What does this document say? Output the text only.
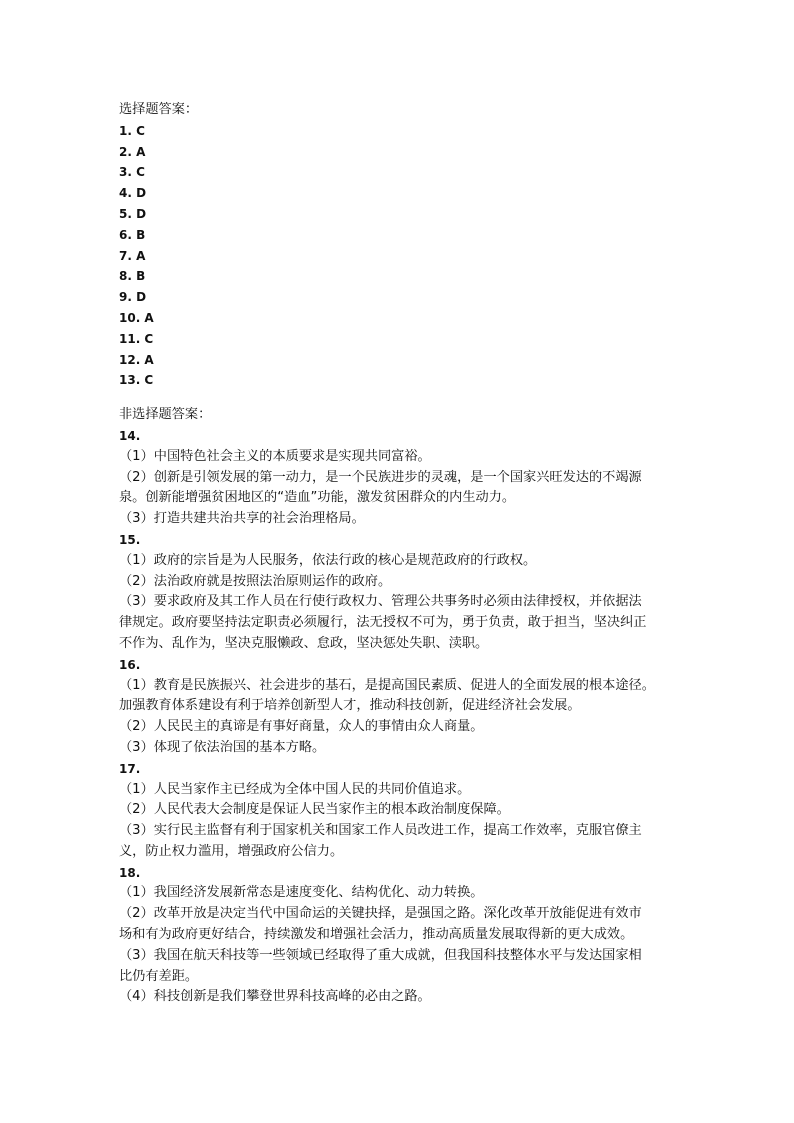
选择题答案：
1. C
2. A
3. C
4. D
5. D
6. B
7. A
8. B
9. D
10. A
11. C
12. A
13. C
非选择题答案：
14.
（1）中国特色社会主义的本质要求是实现共同富裕。
（2）创新是引领发展的第一动力，是一个民族进步的灵魂，是一个国家兴旺发达的不竭源
泉。创新能增强贫困地区的“造血”功能，激发贫困群众的内生动力。
（3）打造共建共治共享的社会治理格局。
15.
（1）政府的宗旨是为人民服务，依法行政的核心是规范政府的行政权。
（2）法治政府就是按照法治原则运作的政府。
（3）要求政府及其工作人员在行使行政权力、管理公共事务时必须由法律授权，并依据法
律规定。政府要坚持法定职责必须履行，法无授权不可为，勇于负责，敢于担当，坚决纠正
不作为、乱作为，坚决克服懒政、怠政，坚决惩处失职、渎职。
16.
（1）教育是民族振兴、社会进步的基石，是提高国民素质、促进人的全面发展的根本途径。
加强教育体系建设有利于培养创新型人才，推动科技创新，促进经济社会发展。
（2）人民民主的真谛是有事好商量，众人的事情由众人商量。
（3）体现了依法治国的基本方略。
17.
（1）人民当家作主已经成为全体中国人民的共同价值追求。
（2）人民代表大会制度是保证人民当家作主的根本政治制度保障。
（3）实行民主监督有利于国家机关和国家工作人员改进工作，提高工作效率，克服官僚主
义，防止权力滥用，增强政府公信力。
18.
（1）我国经济发展新常态是速度变化、结构优化、动力转换。
（2）改革开放是决定当代中国命运的关键抉择，是强国之路。深化改革开放能促进有效市
场和有为政府更好结合，持续激发和增强社会活力，推动高质量发展取得新的更大成效。
（3）我国在航天科技等一些领域已经取得了重大成就，但我国科技整体水平与发达国家相
比仍有差距。
（4）科技创新是我们攀登世界科技高峰的必由之路。
